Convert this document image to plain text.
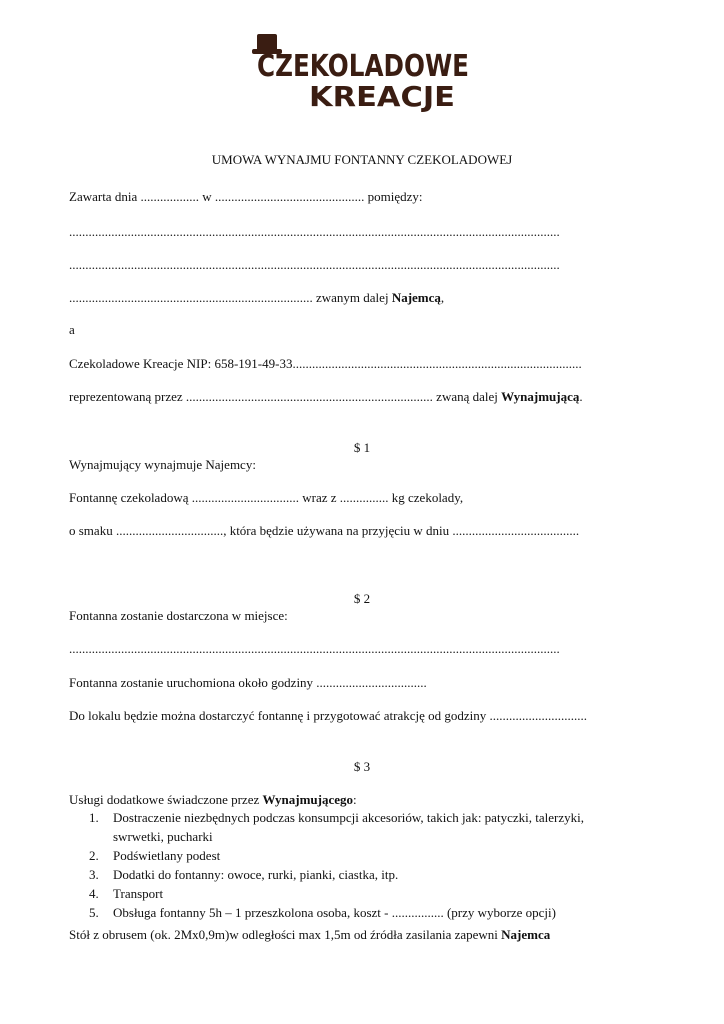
CZEKOLADOWE
KREACJE
UMOWA WYNAJMU FONTANNY CZEKOLADOWEJ
Zawarta dnia .................. w .............................................. pomiędzy:
.......................................................................................................................................................
.......................................................................................................................................................
........................................................................... zwanym dalej Najemcą,
a
Czekoladowe Kreacje NIP: 658-191-49-33.........................................................................................
reprezentowaną przez ............................................................................ zwaną dalej Wynajmującą.
$ 1
Wynajmujący wynajmuje Najemcy:
Fontannę czekoladową ................................. wraz z ............... kg czekolady,
o smaku ................................., która będzie używana na przyjęciu w dniu .......................................
$ 2
Fontanna zostanie dostarczona w miejsce:
.......................................................................................................................................................
Fontanna zostanie uruchomiona około godziny ..................................
Do lokalu będzie można dostarczyć fontannę i przygotować atrakcję od godziny ..............................
$ 3
Usługi dodatkowe świadczone przez Wynajmującego:
1. Dostraczenie niezbędnych podczas konsumpcji akcesoriów, takich jak: patyczki, talerzyki,
swrwetki, pucharki
2. Podświetlany podest
3. Dodatki do fontanny: owoce, rurki, pianki, ciastka, itp.
4. Transport
5. Obsługa fontanny 5h – 1 przeszkolona osoba, koszt - ................ (przy wyborze opcji)
Stół z obrusem (ok. 2Mx0,9m)w odległości max 1,5m od źródła zasilania zapewni Najemca
